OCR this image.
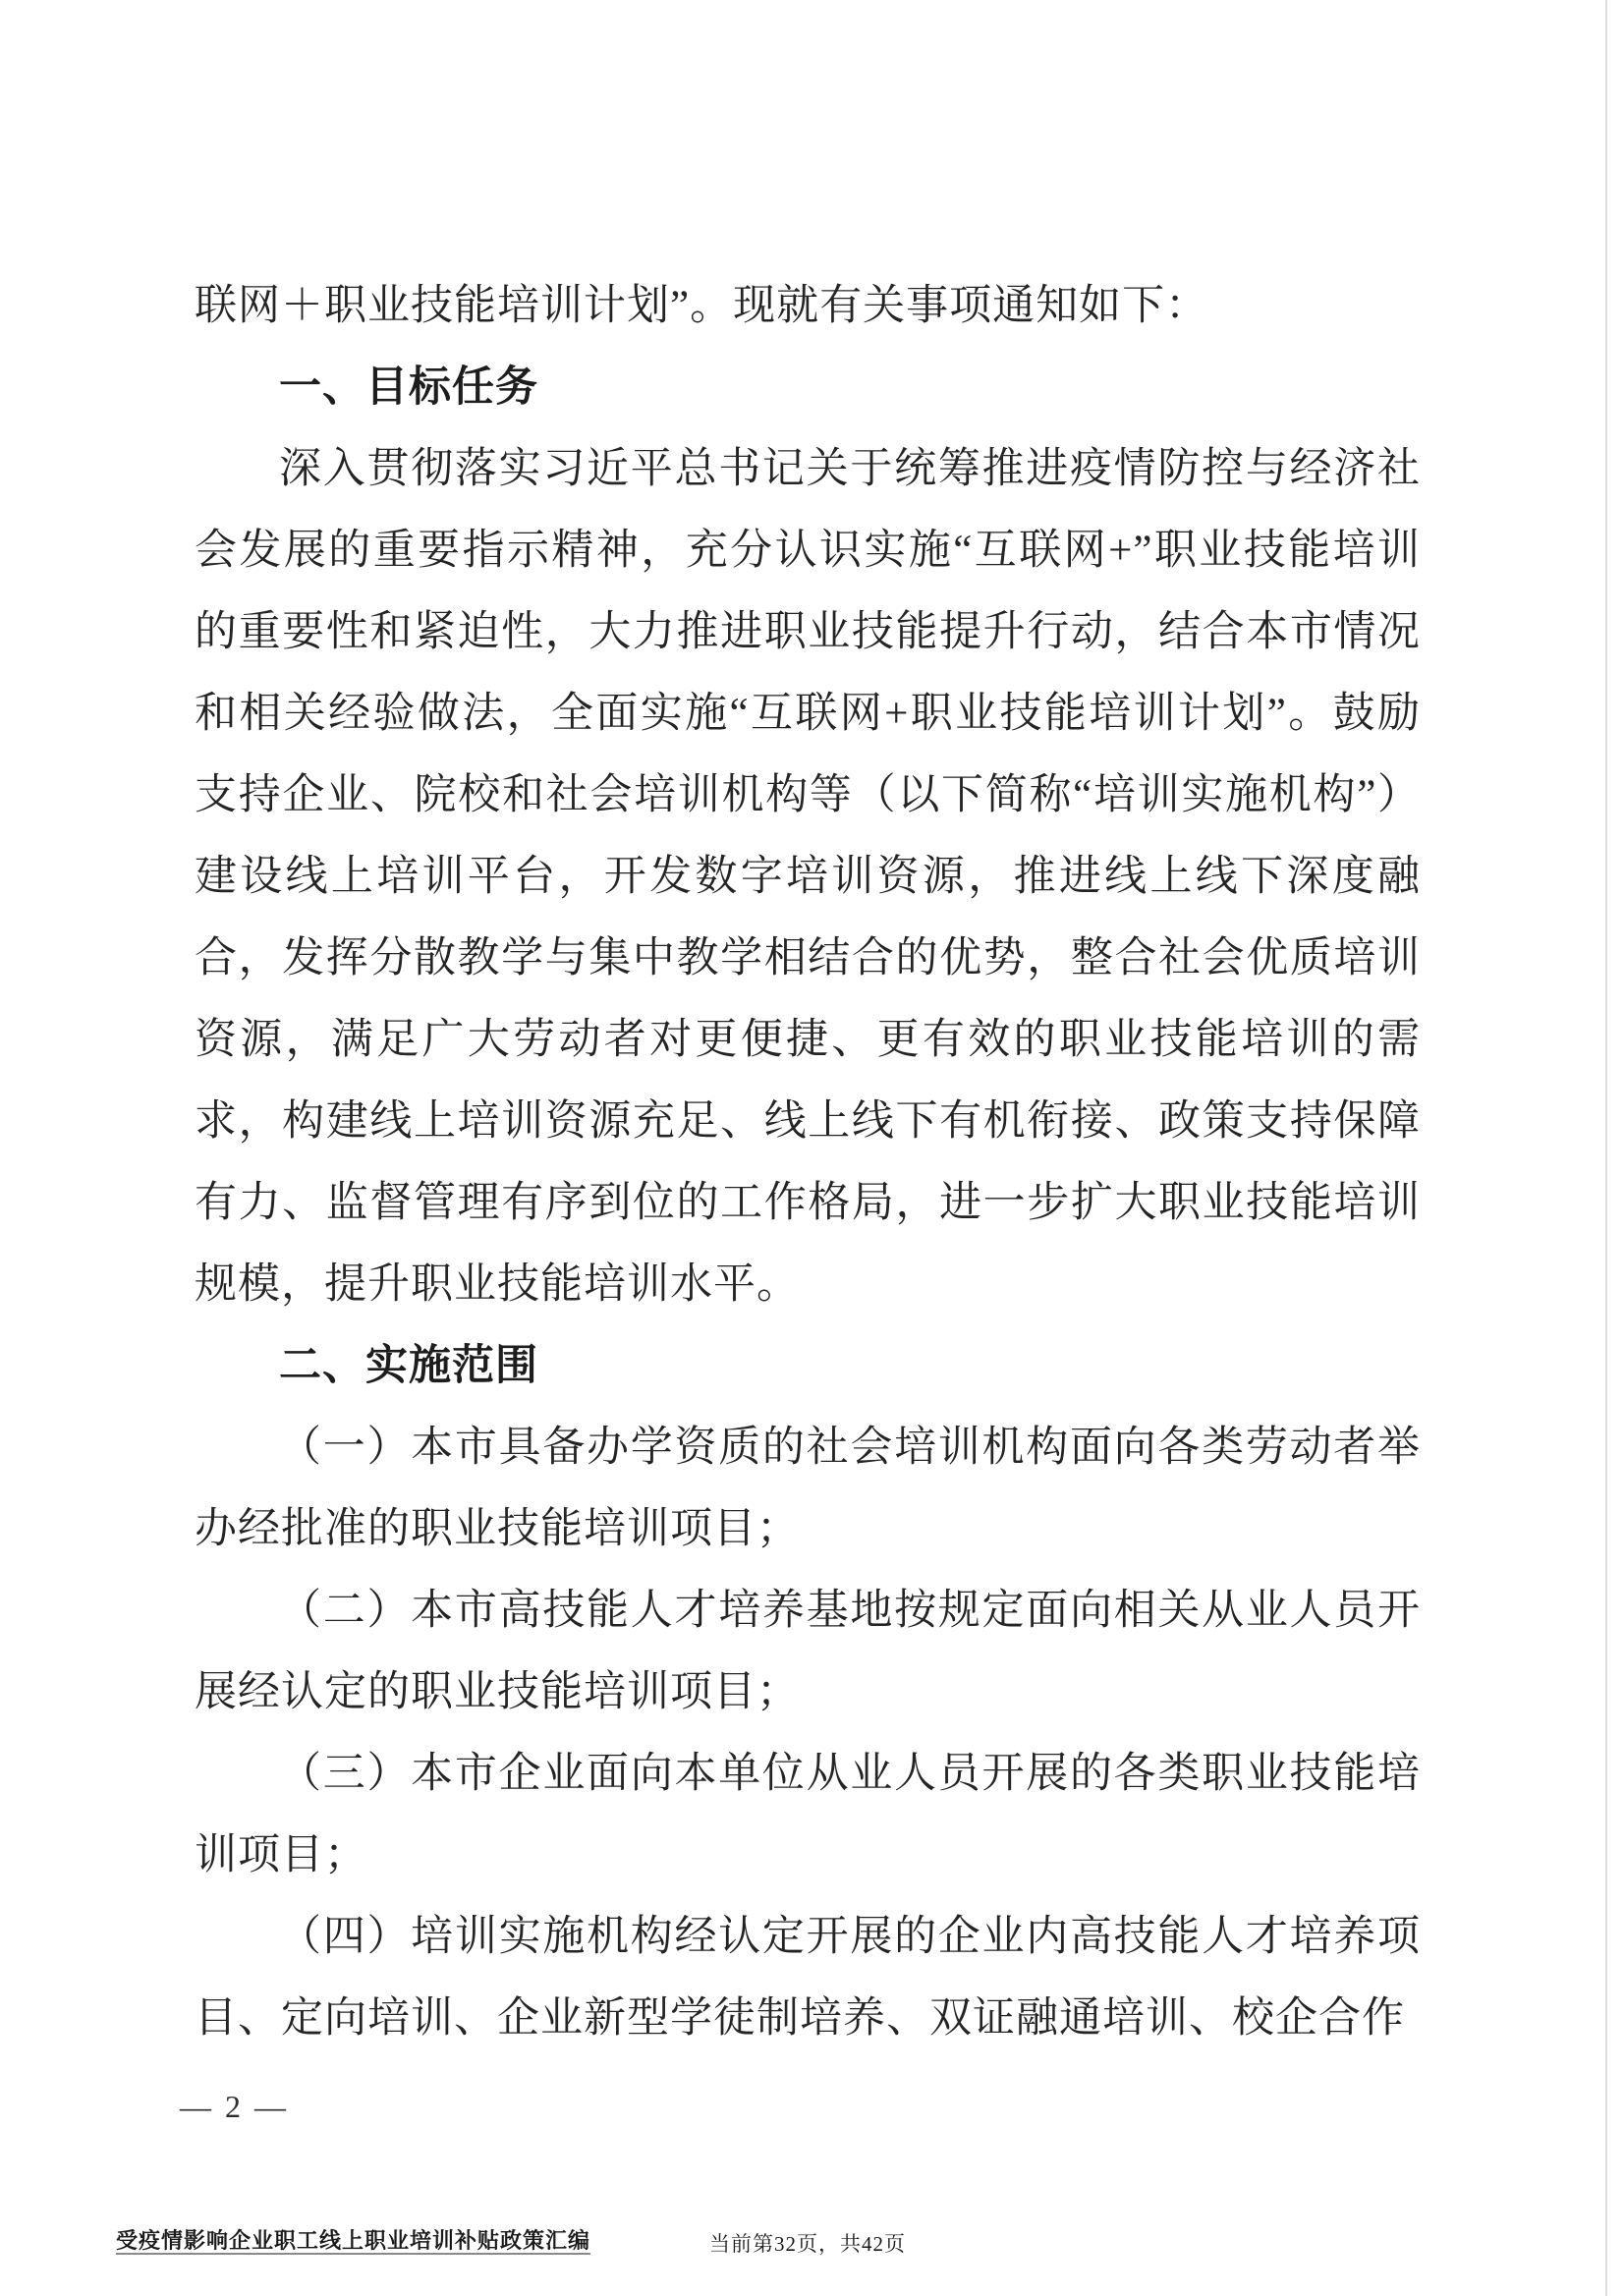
联网＋职业技能培训计划”。现就有关事项通知如下：

一、目标任务

深入贯彻落实习近平总书记关于统筹推进疫情防控与经济社会发展的重要指示精神，充分认识实施“互联网+”职业技能培训的重要性和紧迫性，大力推进职业技能提升行动，结合本市情况和相关经验做法，全面实施“互联网+职业技能培训计划”。鼓励支持企业、院校和社会培训机构等（以下简称“培训实施机构”）建设线上培训平台，开发数字培训资源，推进线上线下深度融合，发挥分散教学与集中教学相结合的优势，整合社会优质培训资源，满足广大劳动者对更便捷、更有效的职业技能培训的需求，构建线上培训资源充足、线上线下有机衔接、政策支持保障有力、监督管理有序到位的工作格局，进一步扩大职业技能培训规模，提升职业技能培训水平。

二、实施范围

（一）本市具备办学资质的社会培训机构面向各类劳动者举办经批准的职业技能培训项目；

（二）本市高技能人才培养基地按规定面向相关从业人员开展经认定的职业技能培训项目；

（三）本市企业面向本单位从业人员开展的各类职业技能培训项目；

（四）培训实施机构经认定开展的企业内高技能人才培养项目、定向培训、企业新型学徒制培养、双证融通培训、校企合作

— 2 —
受疫情影响企业职工线上职业培训补贴政策汇编	当前第32页，共42页
